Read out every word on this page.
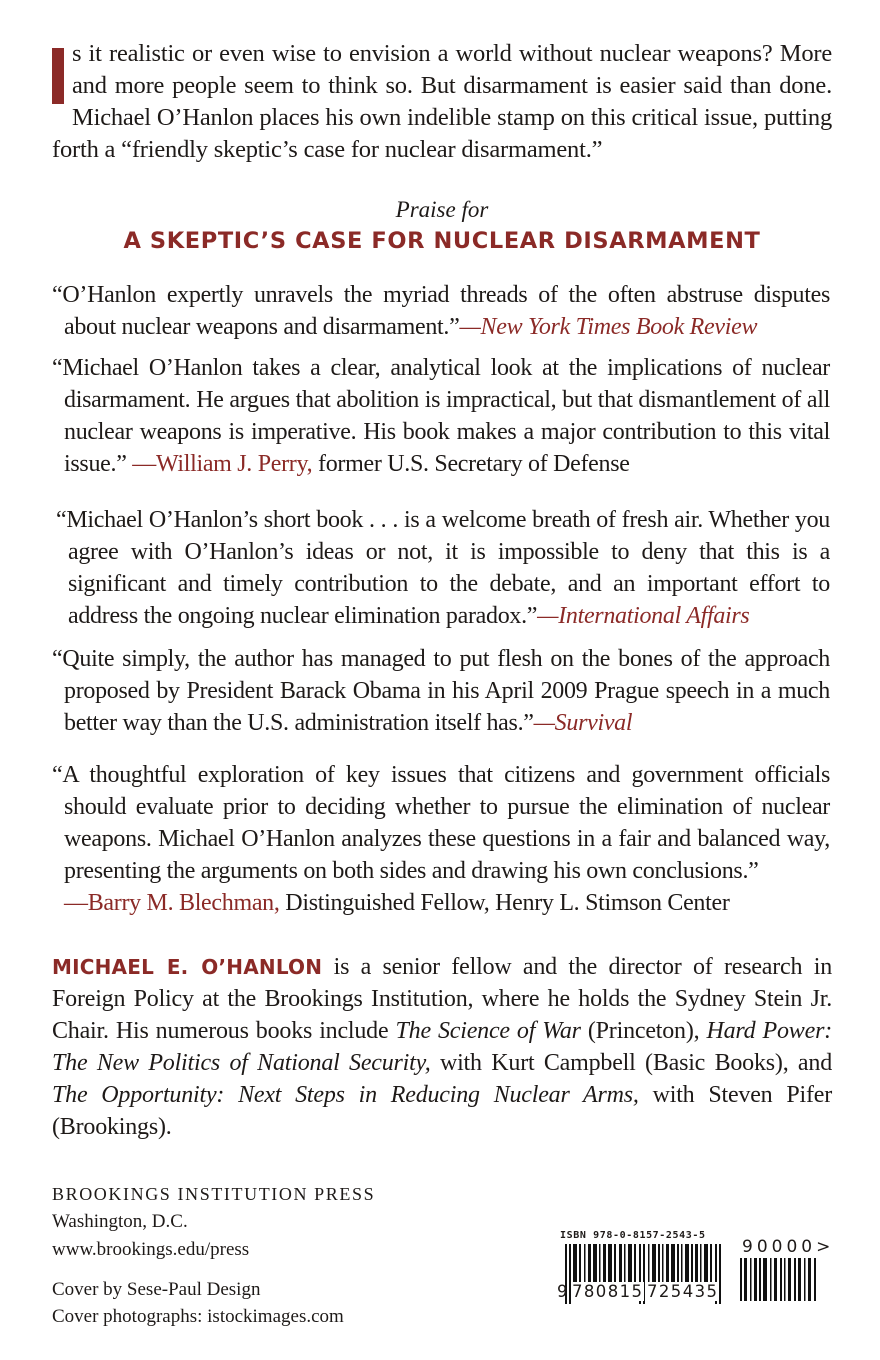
s it realistic or even wise to envision a world without nuclear weapons? More and more people seem to think so. But disarmament is easier said than done. Michael O’Hanlon places his own indelible stamp on this critical issue, putting forth a “friendly skeptic’s case for nuclear disarmament.”
Praise for
A SKEPTIC’S CASE FOR NUCLEAR DISARMAMENT
“O’Hanlon expertly unravels the myriad threads of the often abstruse disputes about nuclear weapons and disarmament.”—New York Times Book Review
“Michael O’Hanlon takes a clear, analytical look at the implications of nuclear disarmament. He argues that abolition is impractical, but that dismantlement of all nuclear weapons is imperative. His book makes a major contribution to this vital issue.” —William J. Perry, former U.S. Secretary of Defense
“Michael O’Hanlon’s short book . . . is a welcome breath of fresh air. Whether you agree with O’Hanlon’s ideas or not, it is impossible to deny that this is a significant and timely contribution to the debate, and an important effort to address the ongoing nuclear elimination paradox.”—International Affairs
“Quite simply, the author has managed to put flesh on the bones of the approach proposed by President Barack Obama in his April 2009 Prague speech in a much better way than the U.S. administration itself has.”—Survival
“A thoughtful exploration of key issues that citizens and government officials should evaluate prior to deciding whether to pursue the elimination of nuclear weapons. Michael O’Hanlon analyzes these questions in a fair and balanced way, presenting the arguments on both sides and drawing his own conclusions.”
—Barry M. Blechman, Distinguished Fellow, Henry L. Stimson Center
MICHAEL E. O’HANLON is a senior fellow and the director of research in Foreign Policy at the Brookings Institution, where he holds the Sydney Stein Jr. Chair. His numerous books include The Science of War (Princeton), Hard Power: The New Politics of National Security, with Kurt Campbell (Basic Books), and The Opportunity: Next Steps in Reducing Nuclear Arms, with Steven Pifer (Brookings).
BROOKINGS INSTITUTION PRESS
Washington, D.C.
www.brookings.edu/press
Cover by Sese-Paul Design
Cover photographs: istockimages.com
ISBN 978-0-8157-2543-5
9 780815 725435
90000>
